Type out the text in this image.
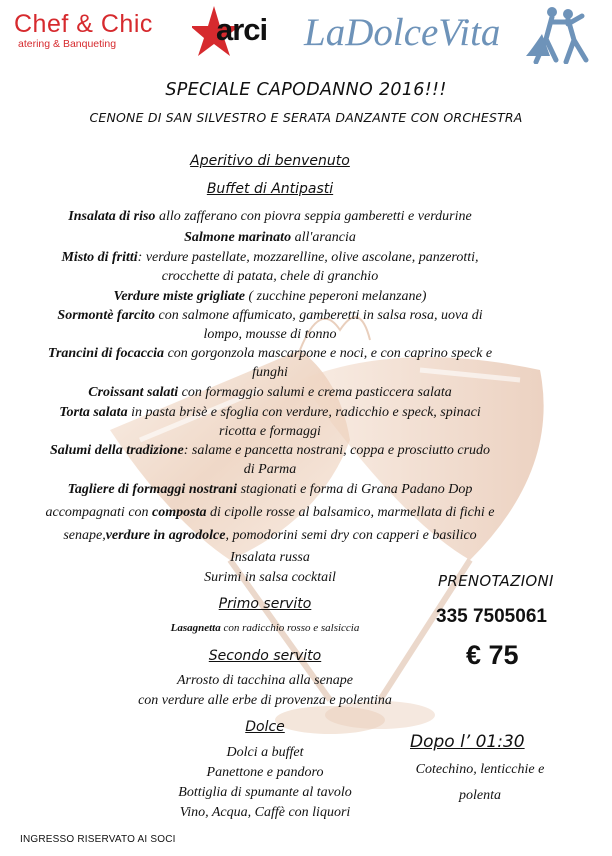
Chef & Chic
atering & Banqueting	arci LaDolceVita
SPECIALE CAPODANNO 2016!!!
CENONE DI SAN SILVESTRO E SERATA DANZANTE CON ORCHESTRA
Aperitivo di benvenuto
Buffet di Antipasti
Insalata di riso allo zafferano con piovra seppia gamberetti e verdurine
Salmone marinato all'arancia
Misto di fritti: verdure pastellate, mozzarelline, olive ascolane, panzerotti,
crocchette di patata, chele di granchio
Verdure miste grigliate ( zucchine peperoni melanzane)
Sormontè farcito con salmone affumicato, gamberetti in salsa rosa, uova di
lompo, mousse di tonno
Trancini di focaccia con gorgonzola mascarpone e noci, e con caprino speck e
funghi
Croissant salati con formaggio salumi e crema pasticcera salata
Torta salata in pasta brisè e sfoglia con verdure, radicchio e speck, spinaci
ricotta e formaggi
Salumi della tradizione: salame e pancetta nostrani, coppa e prosciutto crudo
di Parma
Tagliere di formaggi nostrani stagionati e forma di Grana Padano Dop
accompagnati con composta di cipolle rosse al balsamico, marmellata di fichi e
senape,verdure in agrodolce, pomodorini semi dry con capperi e basilico
Insalata russa
Surimi in salsa cocktail
Primo servito
Lasagnetta con radicchio rosso e salsiccia
Secondo servito
Arrosto di tacchina alla senape
con verdure alle erbe di provenza e polentina
Dolce
Dolci a buffet
Panettone e pandoro
Bottiglia di spumante al tavolo
Vino, Acqua, Caffè con liquori
PRENOTAZIONI
335 7505061
€ 75
Dopo l’ 01:30
Cotechino, lenticchie e
polenta
INGRESSO RISERVATO AI SOCI
